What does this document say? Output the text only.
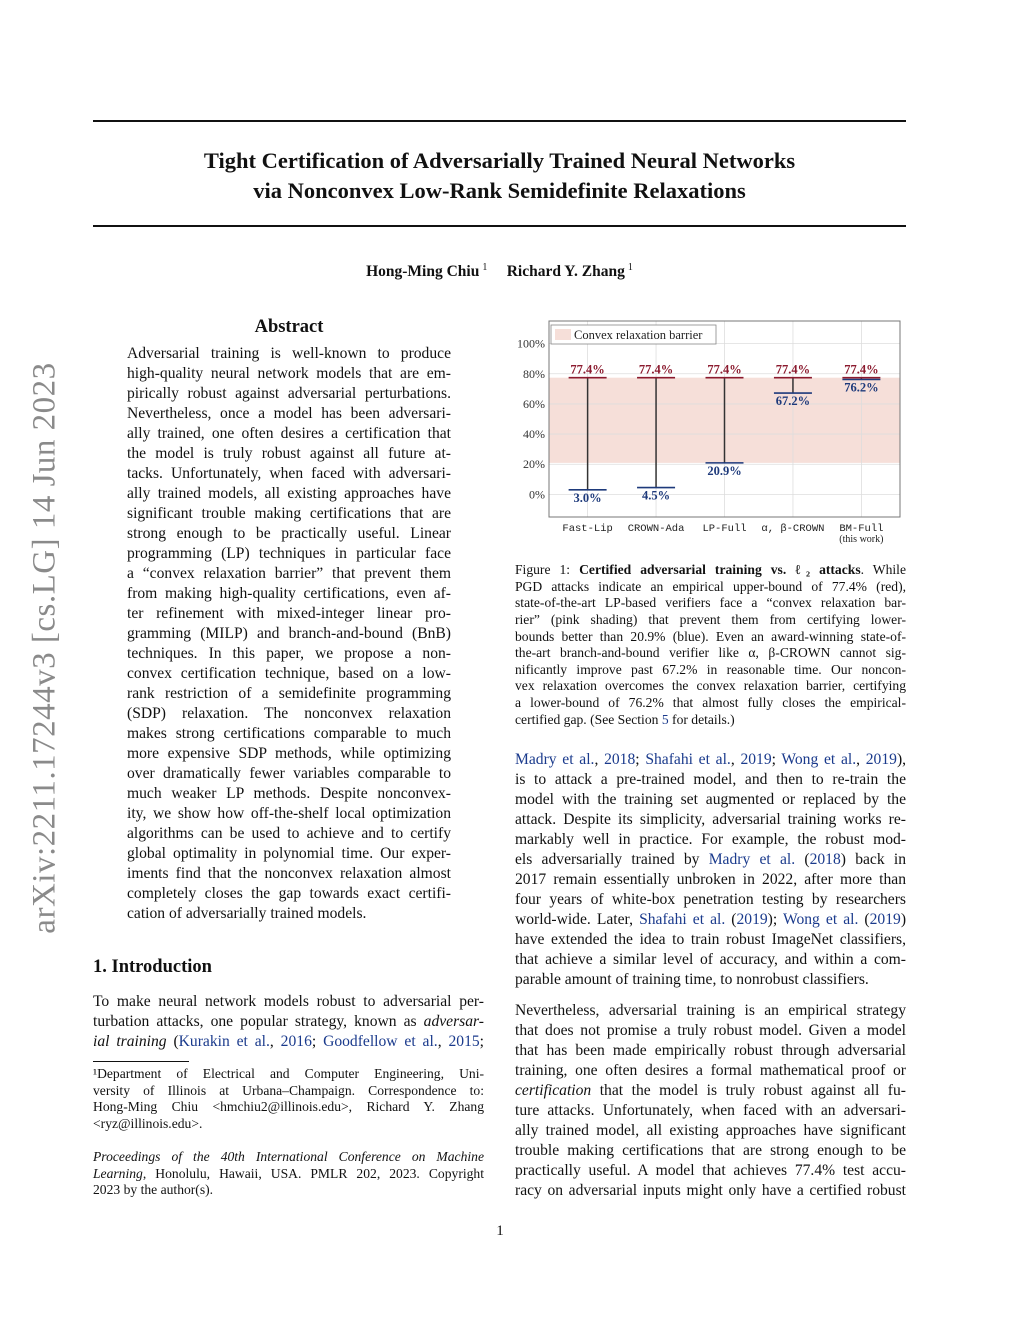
arXiv:2211.17244v3 [cs.LG] 14 Jun 2023
Tight Certification of Adversarially Trained Neural Networks
via Nonconvex Low-Rank Semidefinite Relaxations
Hong-Ming Chiu $^1$ Richard Y. Zhang $^1$
Abstract
Adversarial training is well-known to produce
high-quality neural network models that are em-
pirically robust against adversarial perturbations.
Nevertheless, once a model has been adversari-
ally trained, one often desires a certification that
the model is truly robust against all future at-
tacks. Unfortunately, when faced with adversari-
ally trained models, all existing approaches have
significant trouble making certifications that are
strong enough to be practically useful. Linear
programming (LP) techniques in particular face
a “convex relaxation barrier” that prevent them
from making high-quality certifications, even af-
ter refinement with mixed-integer linear pro-
gramming (MILP) and branch-and-bound (BnB)
techniques. In this paper, we propose a non-
convex certification technique, based on a low-
rank restriction of a semidefinite programming
(SDP) relaxation. The nonconvex relaxation
makes strong certifications comparable to much
more expensive SDP methods, while optimizing
over dramatically fewer variables comparable to
much weaker LP methods. Despite nonconvex-
ity, we show how off-the-shelf local optimization
algorithms can be used to achieve and to certify
global optimality in polynomial time. Our exper-
iments find that the nonconvex relaxation almost
completely closes the gap towards exact certifi-
cation of adversarially trained models.
1. Introduction
To make neural network models robust to adversarial per-
turbation attacks, one popular strategy, known as adversar-
ial training (Kurakin et al., 2016; Goodfellow et al., 2015;
¹Department of Electrical and Computer Engineering, Uni-
versity of Illinois at Urbana–Champaign. Correspondence to:
Hong-Ming Chiu <hmchiu2@illinois.edu>, Richard Y. Zhang
<ryz@illinois.edu>.
Proceedings of the 40th International Conference on Machine
Learning, Honolulu, Hawaii, USA. PMLR 202, 2023. Copyright
2023 by the author(s).
0%
20%
40%
60%
80%
100%
Convex relaxation barrier
77.4%
3.0%
Fast-Lip
77.4%
4.5%
CROWN-Ada
77.4%
20.9%
LP-Full
77.4%
67.2%
α, β-CROWN
77.4%
76.2%
BM-Full
(this work)
Figure 1: Certified adversarial training vs. ℓ₂ attacks. While
PGD attacks indicate an empirical upper-bound of 77.4% (red),
state-of-the-art LP-based verifiers face a “convex relaxation bar-
rier” (pink shading) that prevent them from certifying lower-
bounds better than 20.9% (blue). Even an award-winning state-of-
the-art branch-and-bound verifier like α, β-CROWN cannot sig-
nificantly improve past 67.2% in reasonable time. Our noncon-
vex relaxation overcomes the convex relaxation barrier, certifying
a lower-bound of 76.2% that almost fully closes the empirical-
certified gap. (See Section 5 for details.)
Madry et al., 2018; Shafahi et al., 2019; Wong et al., 2019),
is to attack a pre-trained model, and then to re-train the
model with the training set augmented or replaced by the
attack. Despite its simplicity, adversarial training works re-
markably well in practice. For example, the robust mod-
els adversarially trained by Madry et al. (2018) back in
2017 remain essentially unbroken in 2022, after more than
four years of white-box penetration testing by researchers
world-wide. Later, Shafahi et al. (2019); Wong et al. (2019)
have extended the idea to train robust ImageNet classifiers,
that achieve a similar level of accuracy, and within a com-
parable amount of training time, to nonrobust classifiers.
Nevertheless, adversarial training is an empirical strategy
that does not promise a truly robust model. Given a model
that has been made empirically robust through adversarial
training, one often desires a formal mathematical proof or
certification that the model is truly robust against all fu-
ture attacks. Unfortunately, when faced with an adversari-
ally trained model, all existing approaches have significant
trouble making certifications that are strong enough to be
practically useful. A model that achieves 77.4% test accu-
racy on adversarial inputs might only have a certified robust
1
